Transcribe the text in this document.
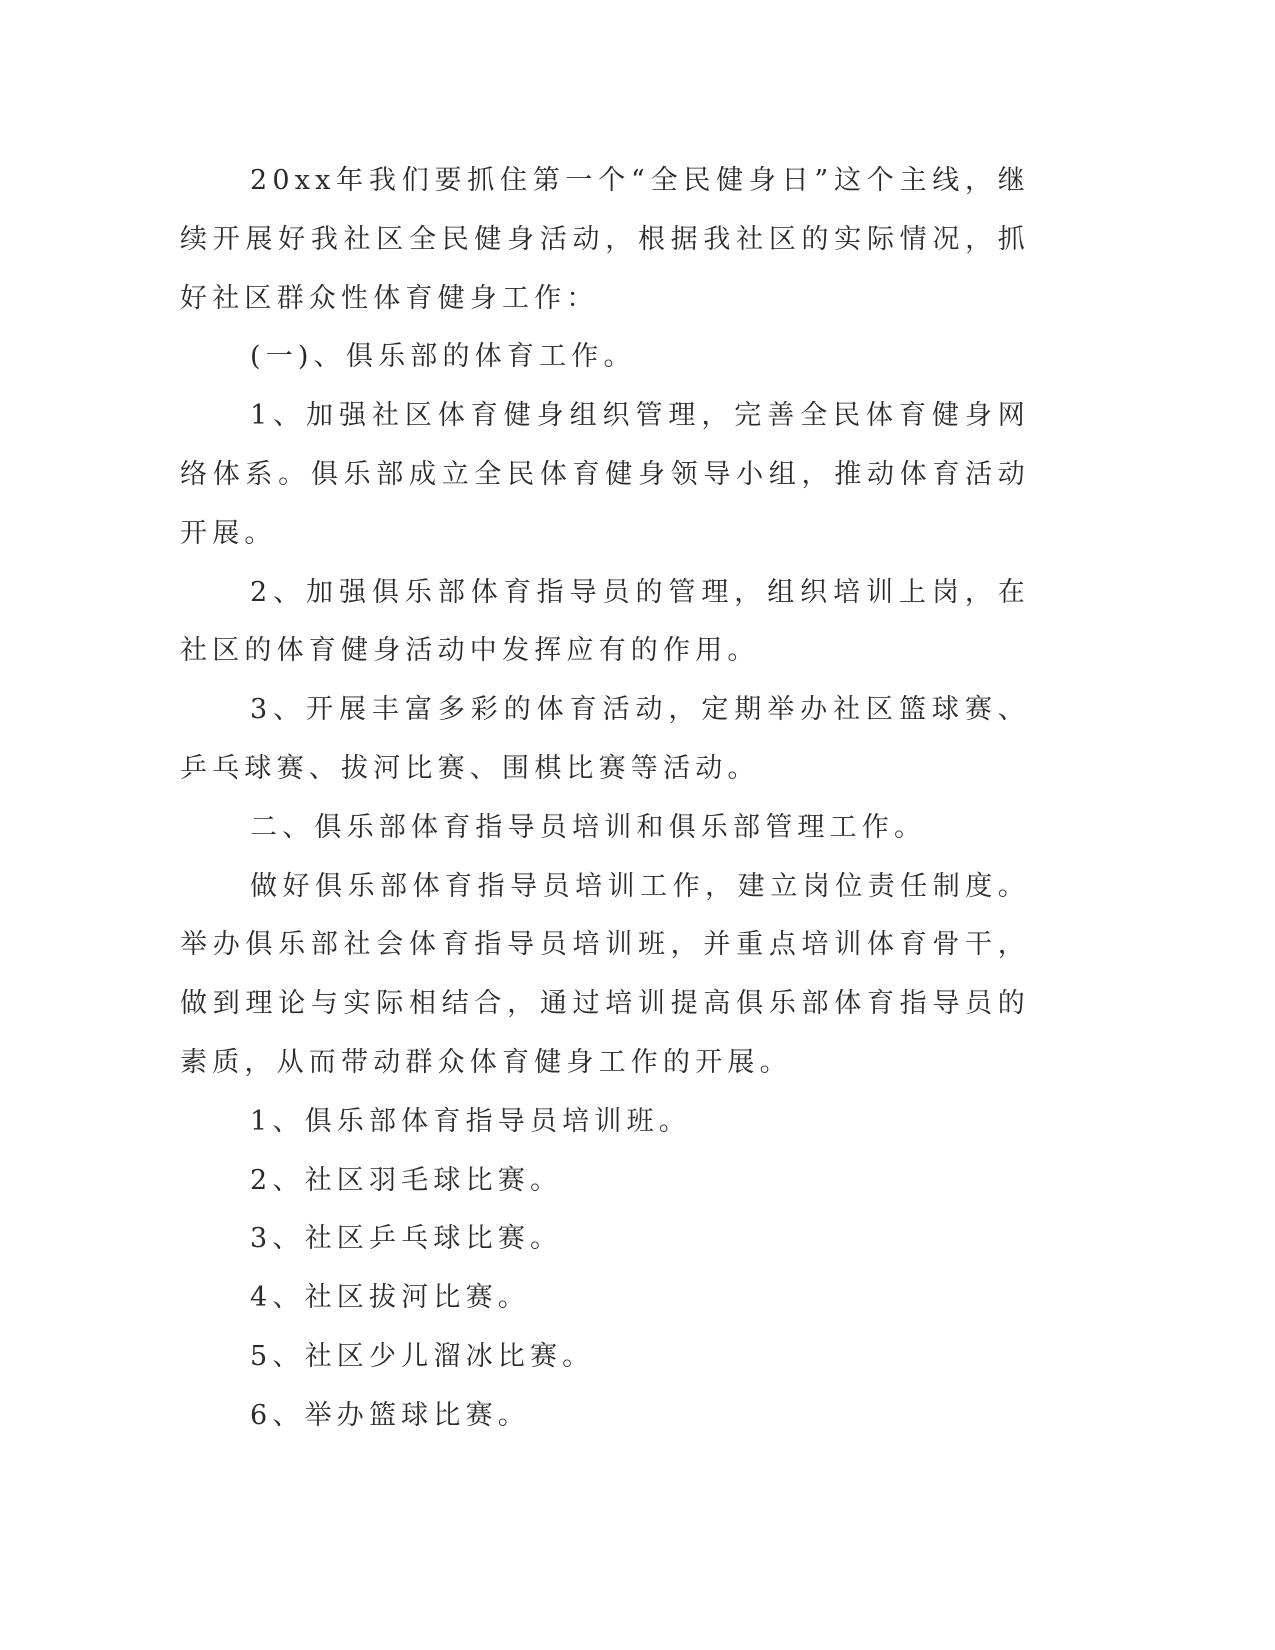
20xx年我们要抓住第一个“全民健身日”这个主线，继续开展好我社区全民健身活动，根据我社区的实际情况，抓好社区群众性体育健身工作：

(一)、俱乐部的体育工作。

1、加强社区体育健身组织管理，完善全民体育健身网络体系。俱乐部成立全民体育健身领导小组，推动体育活动开展。

2、加强俱乐部体育指导员的管理，组织培训上岗，在社区的体育健身活动中发挥应有的作用。

3、开展丰富多彩的体育活动，定期举办社区篮球赛、乒乓球赛、拔河比赛、围棋比赛等活动。

二、俱乐部体育指导员培训和俱乐部管理工作。

做好俱乐部体育指导员培训工作，建立岗位责任制度。举办俱乐部社会体育指导员培训班，并重点培训体育骨干，做到理论与实际相结合，通过培训提高俱乐部体育指导员的素质，从而带动群众体育健身工作的开展。

1、俱乐部体育指导员培训班。

2、社区羽毛球比赛。

3、社区乒乓球比赛。

4、社区拔河比赛。

5、社区少儿溜冰比赛。

6、举办篮球比赛。
